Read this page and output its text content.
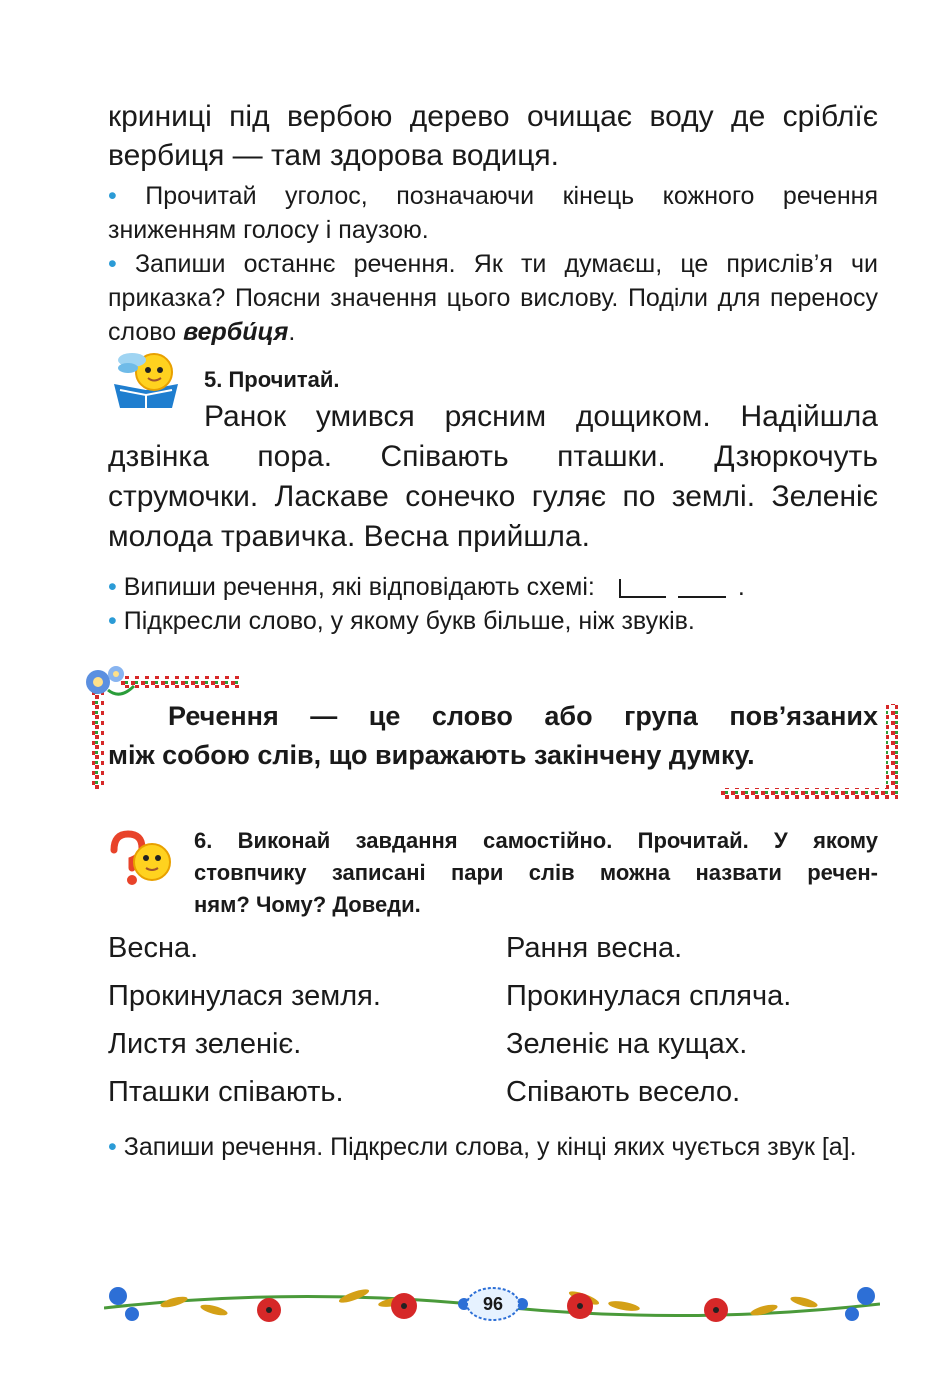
криниці під вербою дерево очищає воду де сріблїє
вербиця — там здорова водиця.
• Прочитай уголос, позначаючи кінець кожного речення зниженням голосу і паузою.
• Запиши останнє речення. Як ти думаєш, це прислів’я чи приказка? Поясни значення цього вислову. Поділи для переносу слово верби́ця.
5. Прочитай.
Ранок умився рясним дощиком. Надійшла
дзвінка пора. Співають пташки. Дзюркочуть
струмочки. Ласкаве сонечко гуляє по землі. Зеленіє
молода травичка. Весна прийшла.
• Випиши речення, які відповідають схемі:	.
• Підкресли слово, у якому букв більше, ніж звуків.
Речення — це слово або група пов’язаних
між собою слів, що виражають закінчену думку.
6. Виконай завдання самостійно. Прочитай. У якому
стовпчику записані пари слів можна назвати речен-
ням? Чому? Доведи.
Весна.
Прокинулася земля.
Листя зеленіє.
Пташки співають.
Рання весна.
Прокинулася спляча.
Зеленіє на кущах.
Співають весело.
• Запиши речення. Підкресли слова, у кінці яких чується звук [а].
96
